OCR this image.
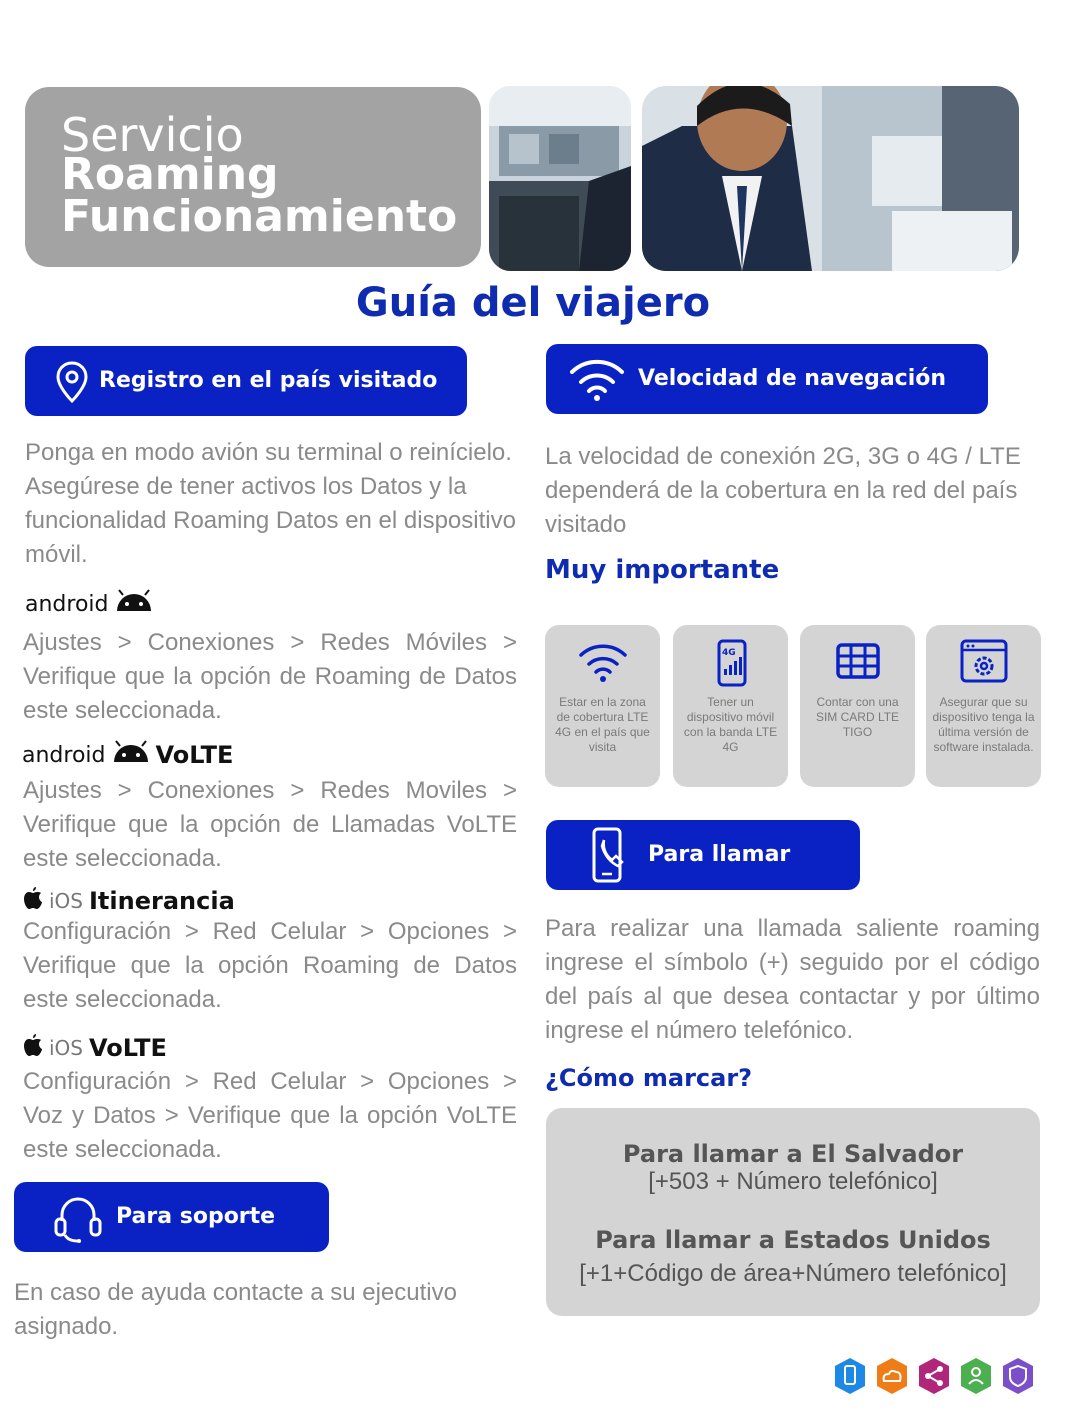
Servicio
Roaming
Funcionamiento
Guía del viajero
Registro en el país visitado
Ponga en modo avión su terminal o reinícielo. Asegúrese de tener activos los Datos y la funcionalidad Roaming Datos en el dispositivo móvil.
android
Ajustes > Conexiones > Redes Móviles > Verifique que la opción de Roaming de Datos este seleccionada.
android VoLTE
Ajustes > Conexiones > Redes Moviles > Verifique que la opción de Llamadas VoLTE este seleccionada.
iOS Itinerancia
Configuración > Red Celular > Opciones > Verifique que la opción Roaming de Datos este seleccionada.
iOS VoLTE
Configuración > Red Celular > Opciones > Voz y Datos > Verifique que la opción VoLTE este seleccionada.
Para soporte
En caso de ayuda contacte a su ejecutivo asignado.
Velocidad de navegación
La velocidad de conexión 2G, 3G o 4G / LTE dependerá de la cobertura en la red del país visitado
Muy importante
Estar en la zona de cobertura LTE 4G en el país que visita
4G
Tener un dispositivo móvil con la banda LTE 4G
Contar con una SIM CARD LTE TIGO
Asegurar que su dispositivo tenga la última versión de software instalada.
Para llamar
Para realizar una llamada saliente roaming ingrese el símbolo (+) seguido por el código del país al que desea contactar y por último ingrese el número telefónico.
¿Cómo marcar?
Para llamar a El Salvador
[+503 + Número telefónico]
Para llamar a Estados Unidos
[+1+Código de área+Número telefónico]
